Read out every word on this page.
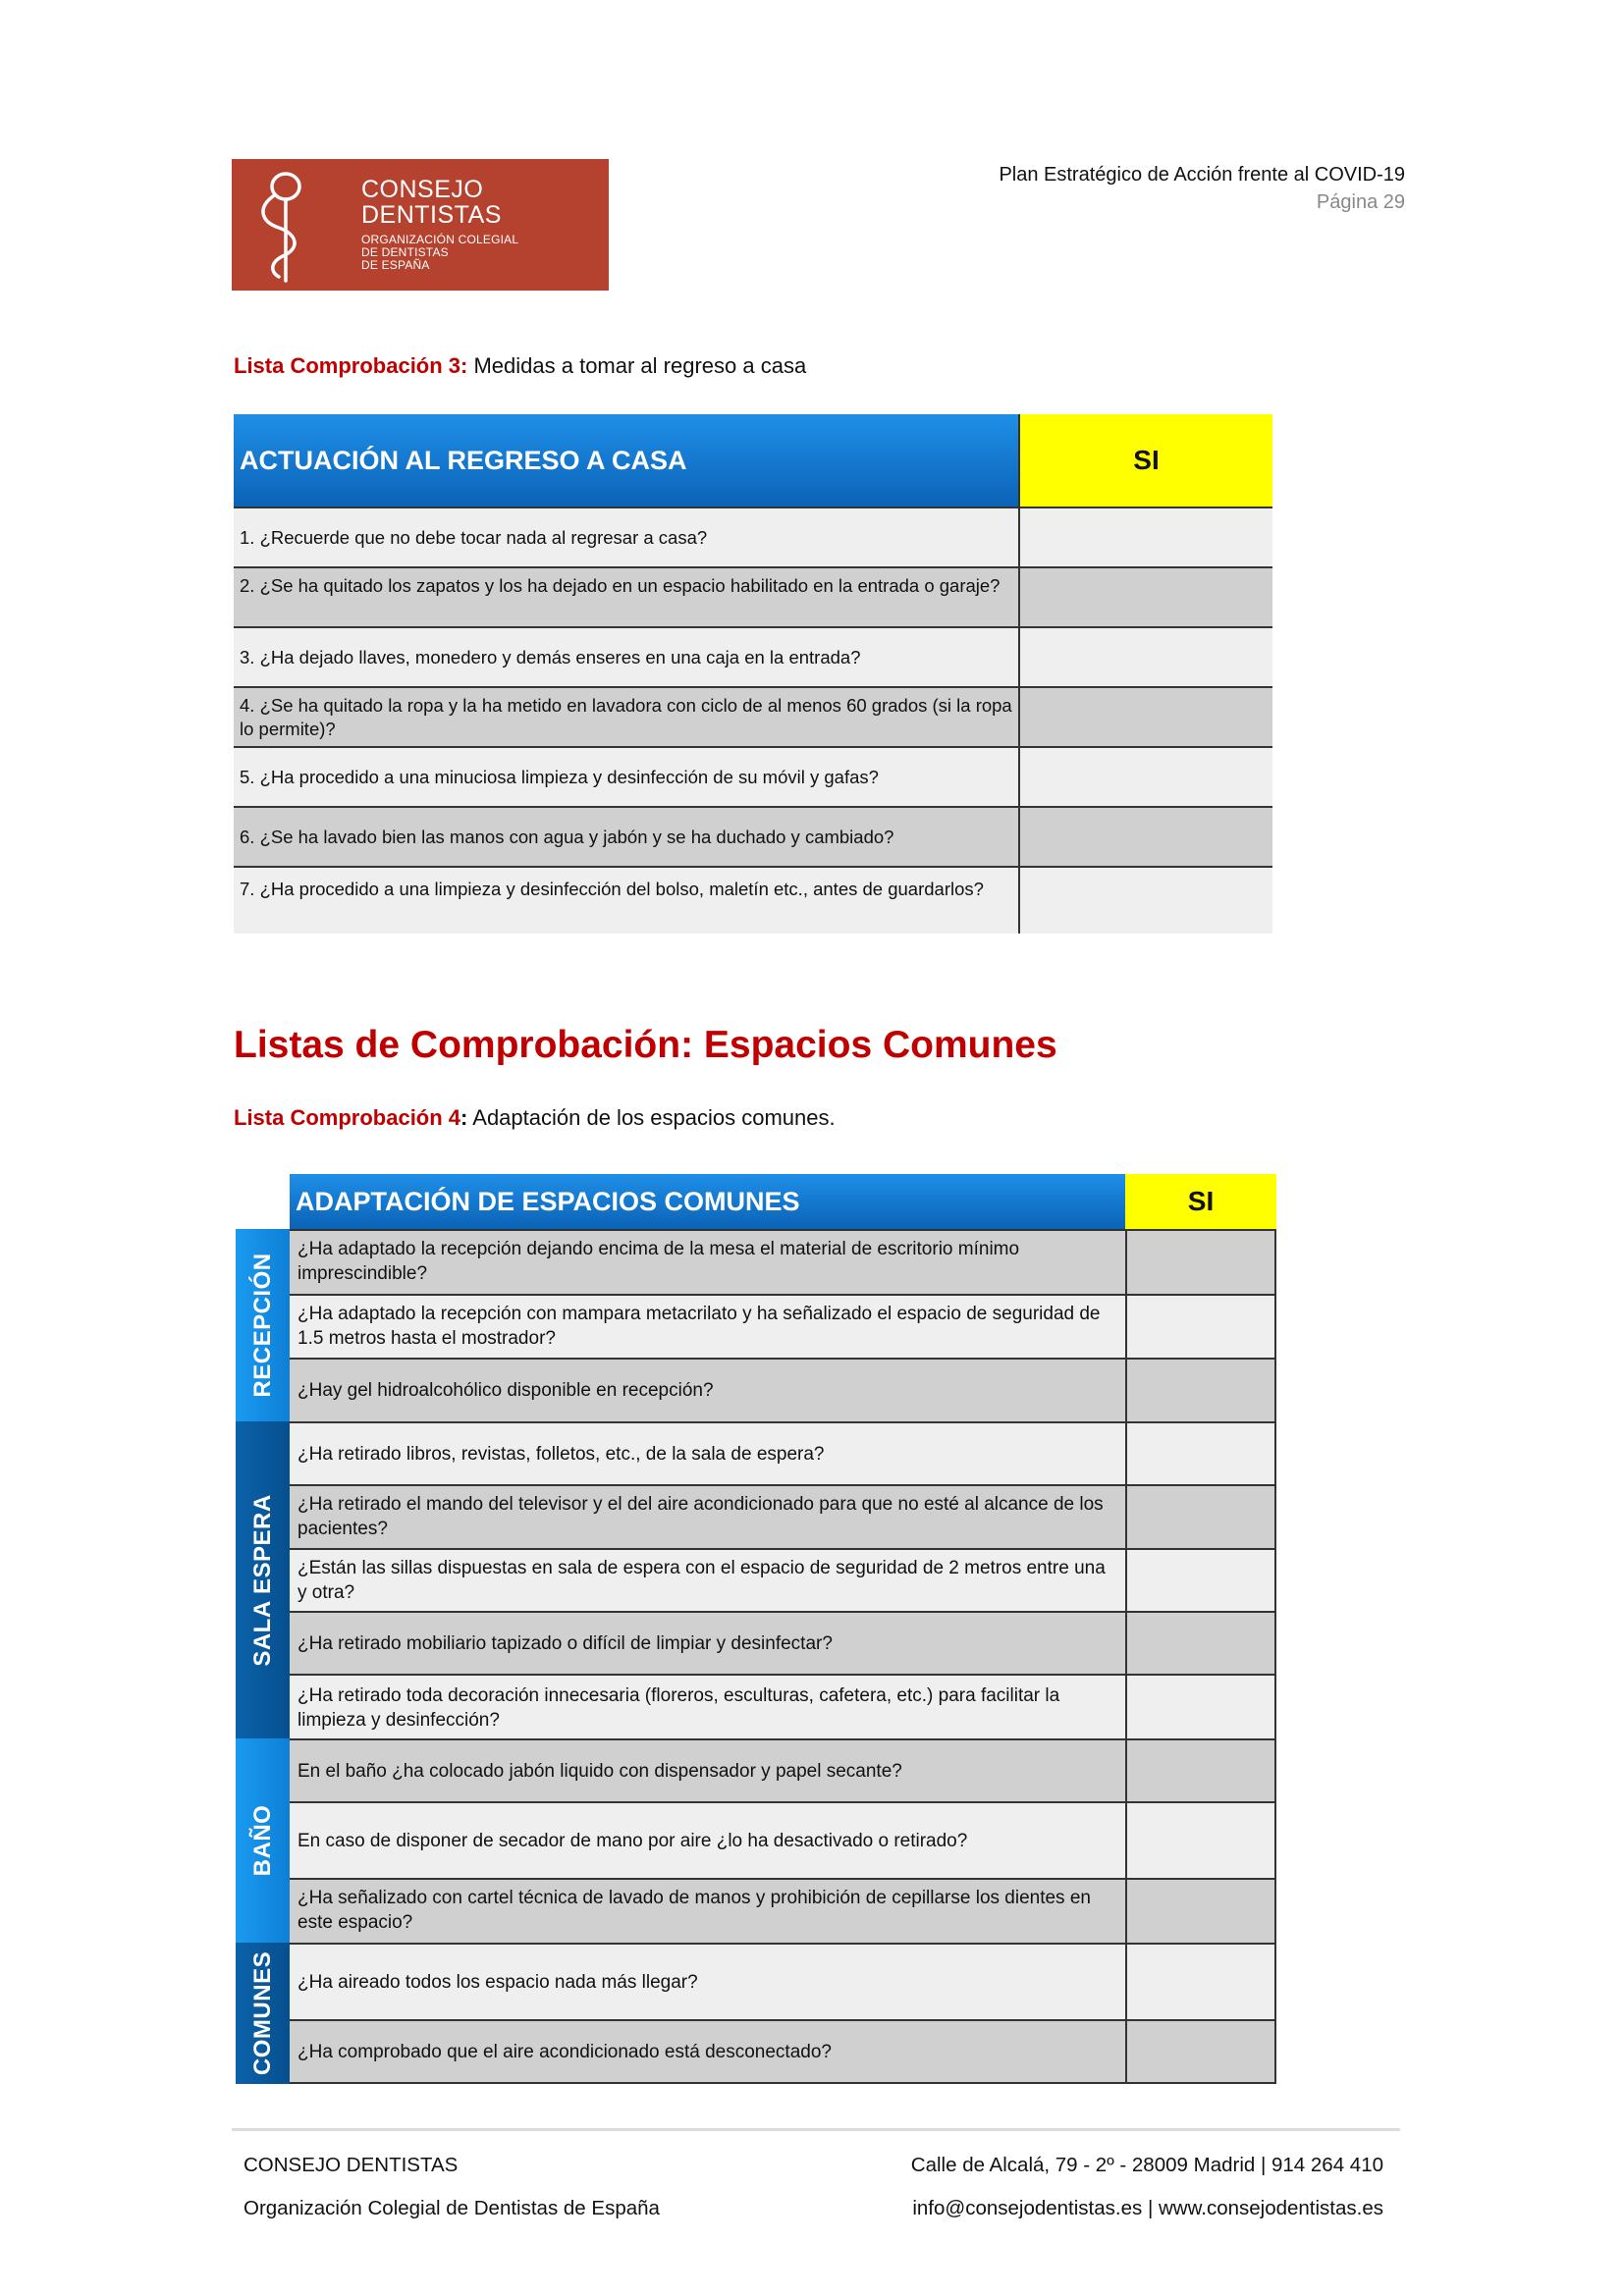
CONSEJO
DENTISTAS
ORGANIZACIÓN COLEGIAL
DE DENTISTAS
DE ESPAÑA
Plan Estratégico de Acción frente al COVID-19
Página 29
Lista Comprobación 3: Medidas a tomar al regreso a casa
ACTUACIÓN AL REGRESO A CASA	SI
1. ¿Recuerde que no debe tocar nada al regresar a casa?
2. ¿Se ha quitado los zapatos y los ha dejado en un espacio habilitado en la entrada o garaje?
3. ¿Ha dejado llaves, monedero y demás enseres en una caja en la entrada?
4. ¿Se ha quitado la ropa y la ha metido en lavadora con ciclo de al menos 60 grados (si la ropa lo permite)?
5. ¿Ha procedido a una minuciosa limpieza y desinfección de su móvil y gafas?
6. ¿Se ha lavado bien las manos con agua y jabón y se ha duchado y cambiado?
7. ¿Ha procedido a una limpieza y desinfección del bolso, maletín etc., antes de guardarlos?
Listas de Comprobación: Espacios Comunes
Lista Comprobación 4: Adaptación de los espacios comunes.
ADAPTACIÓN DE ESPACIOS COMUNES	SI
RECEPCIÓN
¿Ha adaptado la recepción dejando encima de la mesa el material de escritorio mínimo imprescindible?
¿Ha adaptado la recepción con mampara metacrilato y ha señalizado el espacio de seguridad de 1.5 metros hasta el mostrador?
¿Hay gel hidroalcohólico disponible en recepción?
SALA ESPERA
¿Ha retirado libros, revistas, folletos, etc., de la sala de espera?
¿Ha retirado el mando del televisor y el del aire acondicionado para que no esté al alcance de los pacientes?
¿Están las sillas dispuestas en sala de espera con el espacio de seguridad de 2 metros entre una y otra?
¿Ha retirado mobiliario tapizado o difícil de limpiar y desinfectar?
¿Ha retirado toda decoración innecesaria (floreros, esculturas, cafetera, etc.) para facilitar la limpieza y desinfección?
BAÑO
En el baño ¿ha colocado jabón liquido con dispensador y papel secante?
En caso de disponer de secador de mano por aire ¿lo ha desactivado o retirado?
¿Ha señalizado con cartel técnica de lavado de manos y prohibición de cepillarse los dientes en este espacio?
COMUNES	¿Ha aireado todos los espacio nada más llegar?
¿Ha comprobado que el aire acondicionado está desconectado?
CONSEJO DENTISTAS
Organización Colegial de Dentistas de España
Calle de Alcalá, 79 - 2º - 28009 Madrid | 914 264 410
info@consejodentistas.es | www.consejodentistas.es
